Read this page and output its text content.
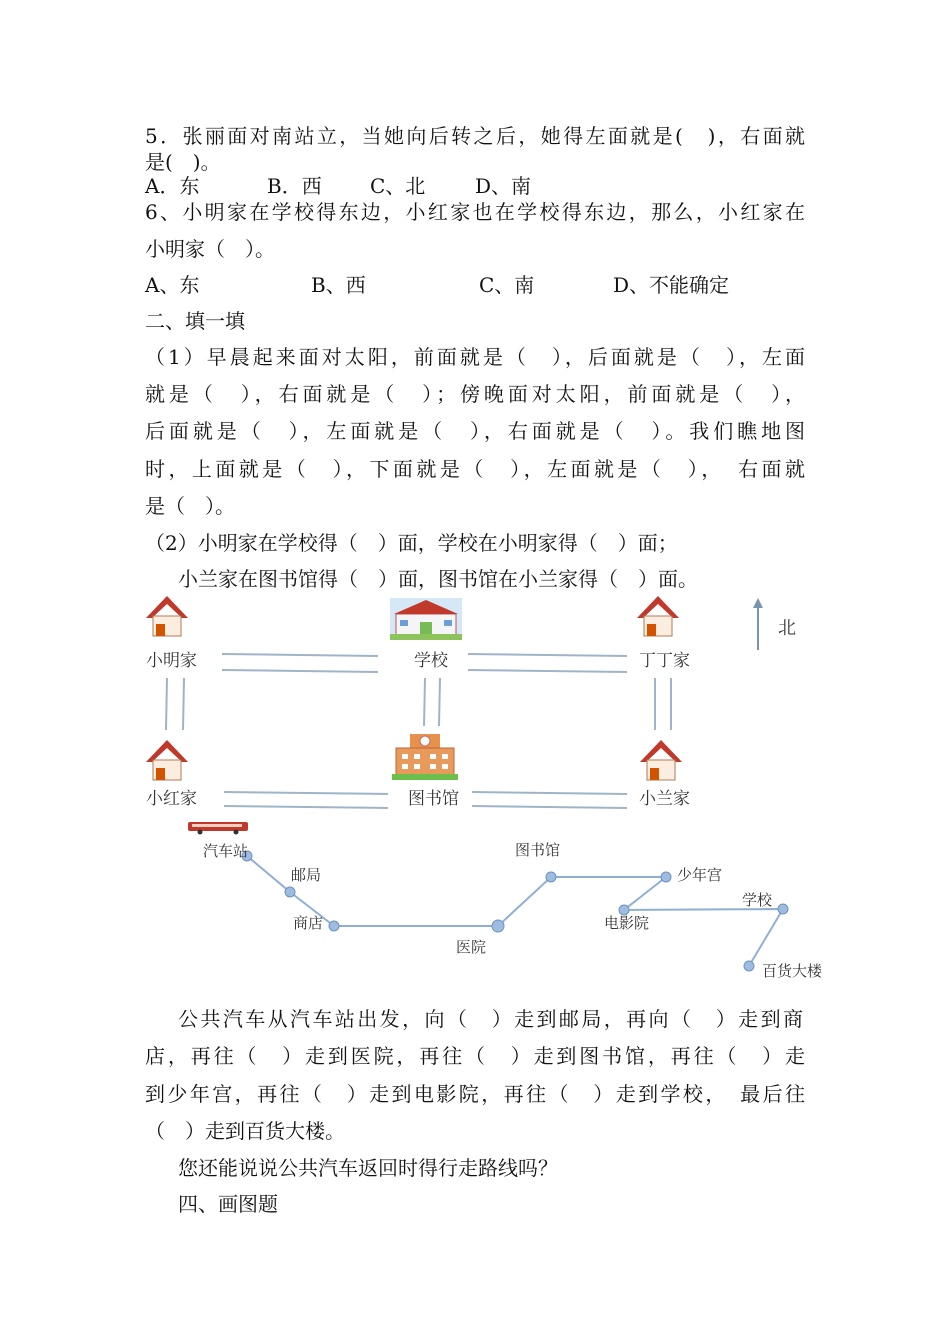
5．张丽面对南站立，当她向后转之后，她得左面就是(　)，右面就
是(　)。
A．东	B．西 C、北 D、南
6、小明家在学校得东边，小红家也在学校得东边，那么，小红家在
小明家（　）。
A、东	B、西	C、南	D、不能确定
二、填一填
（1）早晨起来面对太阳，前面就是（　），后面就是（　），左面
就是（　），右面就是（　）；傍晚面对太阳，前面就是（　），
后面就是（　），左面就是（　），右面就是（　）。我们瞧地图
时，上面就是（　），下面就是（　），左面就是（　），　右面就
是（　）。
（2）小明家在学校得（　）面，学校在小明家得（　）面；
小兰家在图书馆得（　）面，图书馆在小兰家得（　）面。
北
小明家	学校	丁丁家
小红家	图书馆	小兰家
汽车站
邮局
商店
医院
图书馆
少年宫
电影院
学校
百货大楼
公共汽车从汽车站出发，向（　）走到邮局，再向（　）走到商
店，再往（　）走到医院，再往（　）走到图书馆，再往（　）走
到少年宫，再往（　）走到电影院，再往（　）走到学校，　最后往
（　）走到百货大楼。
您还能说说公共汽车返回时得行走路线吗？
四、画图题
